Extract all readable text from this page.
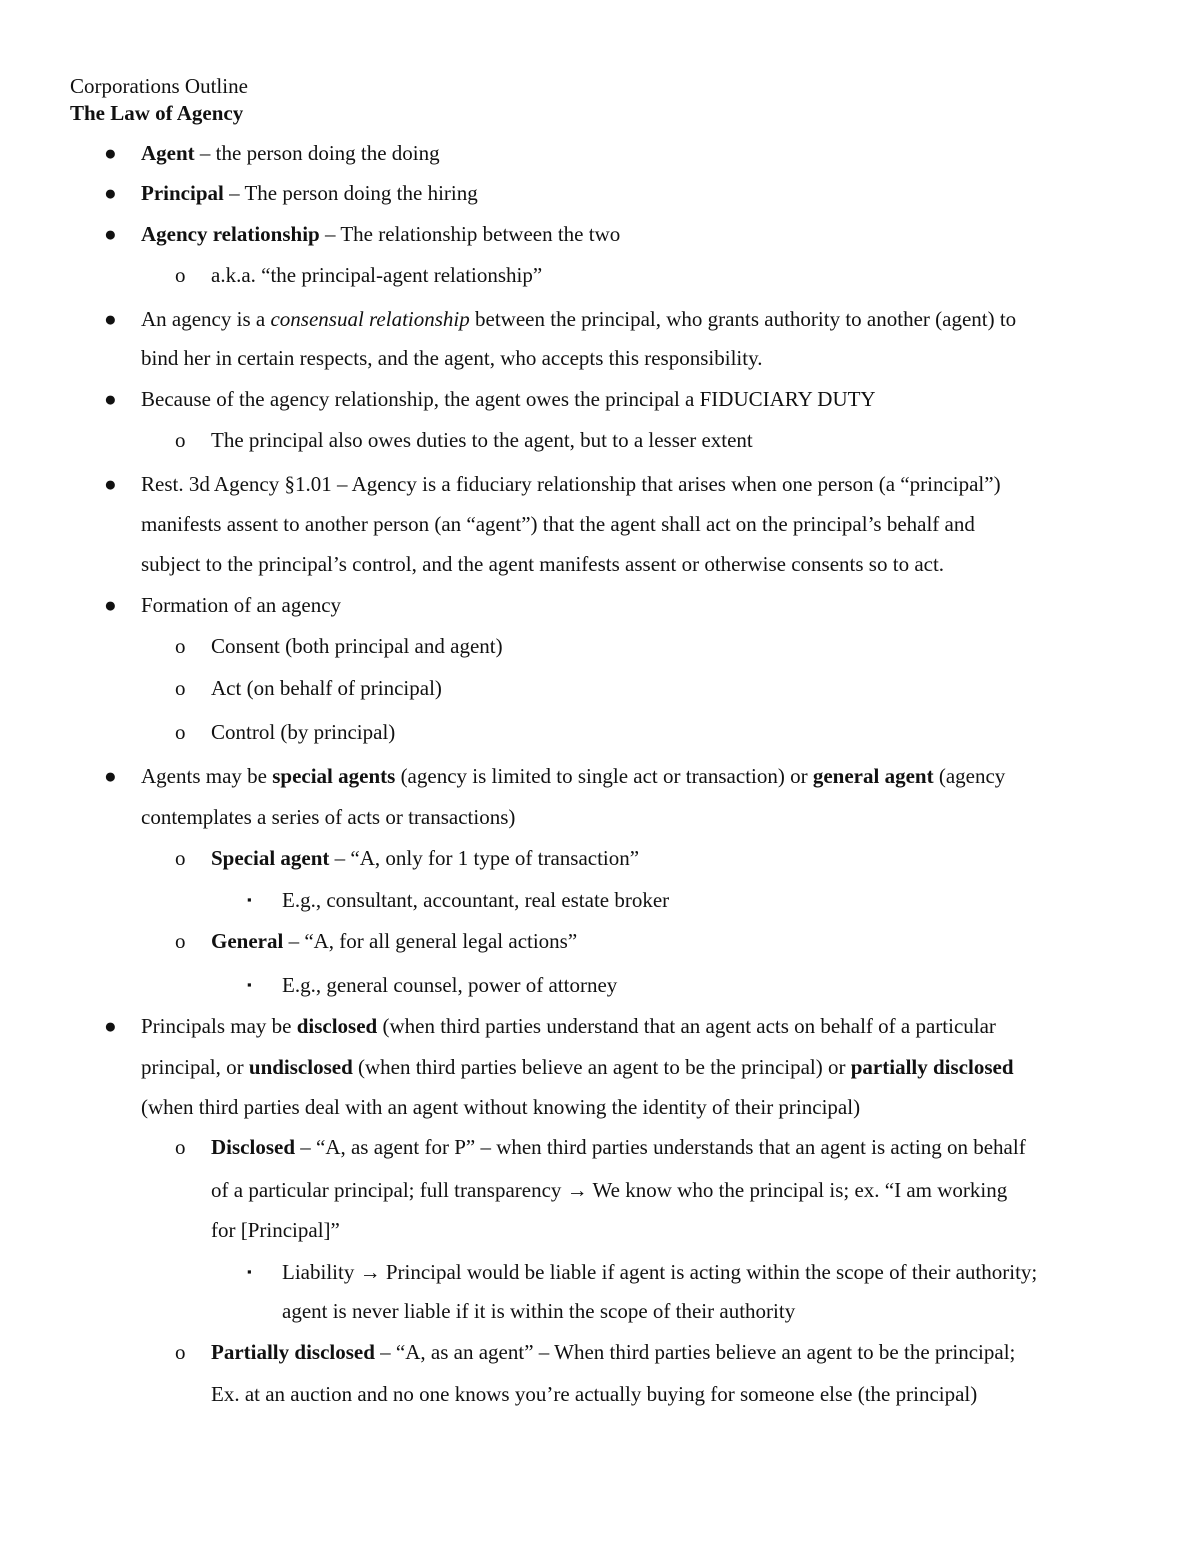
Corporations Outline
The Law of Agency
● Agent – the person doing the doing
● Principal – The person doing the hiring
● Agency relationship – The relationship between the two
o a.k.a. “the principal-agent relationship”
● An agency is a consensual relationship between the principal, who grants authority to another (agent) to
bind her in certain respects, and the agent, who accepts this responsibility.
● Because of the agency relationship, the agent owes the principal a FIDUCIARY DUTY
o The principal also owes duties to the agent, but to a lesser extent
● Rest. 3d Agency §1.01 – Agency is a fiduciary relationship that arises when one person (a “principal”)
manifests assent to another person (an “agent”) that the agent shall act on the principal’s behalf and
subject to the principal’s control, and the agent manifests assent or otherwise consents so to act.
● Formation of an agency
o Consent (both principal and agent)
o Act (on behalf of principal)
o Control (by principal)
● Agents may be special agents (agency is limited to single act or transaction) or general agent (agency
contemplates a series of acts or transactions)
o Special agent – “A, only for 1 type of transaction”
▪ E.g., consultant, accountant, real estate broker
o General – “A, for all general legal actions”
▪ E.g., general counsel, power of attorney
● Principals may be disclosed (when third parties understand that an agent acts on behalf of a particular
principal, or undisclosed (when third parties believe an agent to be the principal) or partially disclosed
(when third parties deal with an agent without knowing the identity of their principal)
o Disclosed – “A, as agent for P” – when third parties understands that an agent is acting on behalf
of a particular principal; full transparency → We know who the principal is; ex. “I am working
for [Principal]”
▪ Liability → Principal would be liable if agent is acting within the scope of their authority;
agent is never liable if it is within the scope of their authority
o Partially disclosed – “A, as an agent” – When third parties believe an agent to be the principal;
Ex. at an auction and no one knows you’re actually buying for someone else (the principal)
